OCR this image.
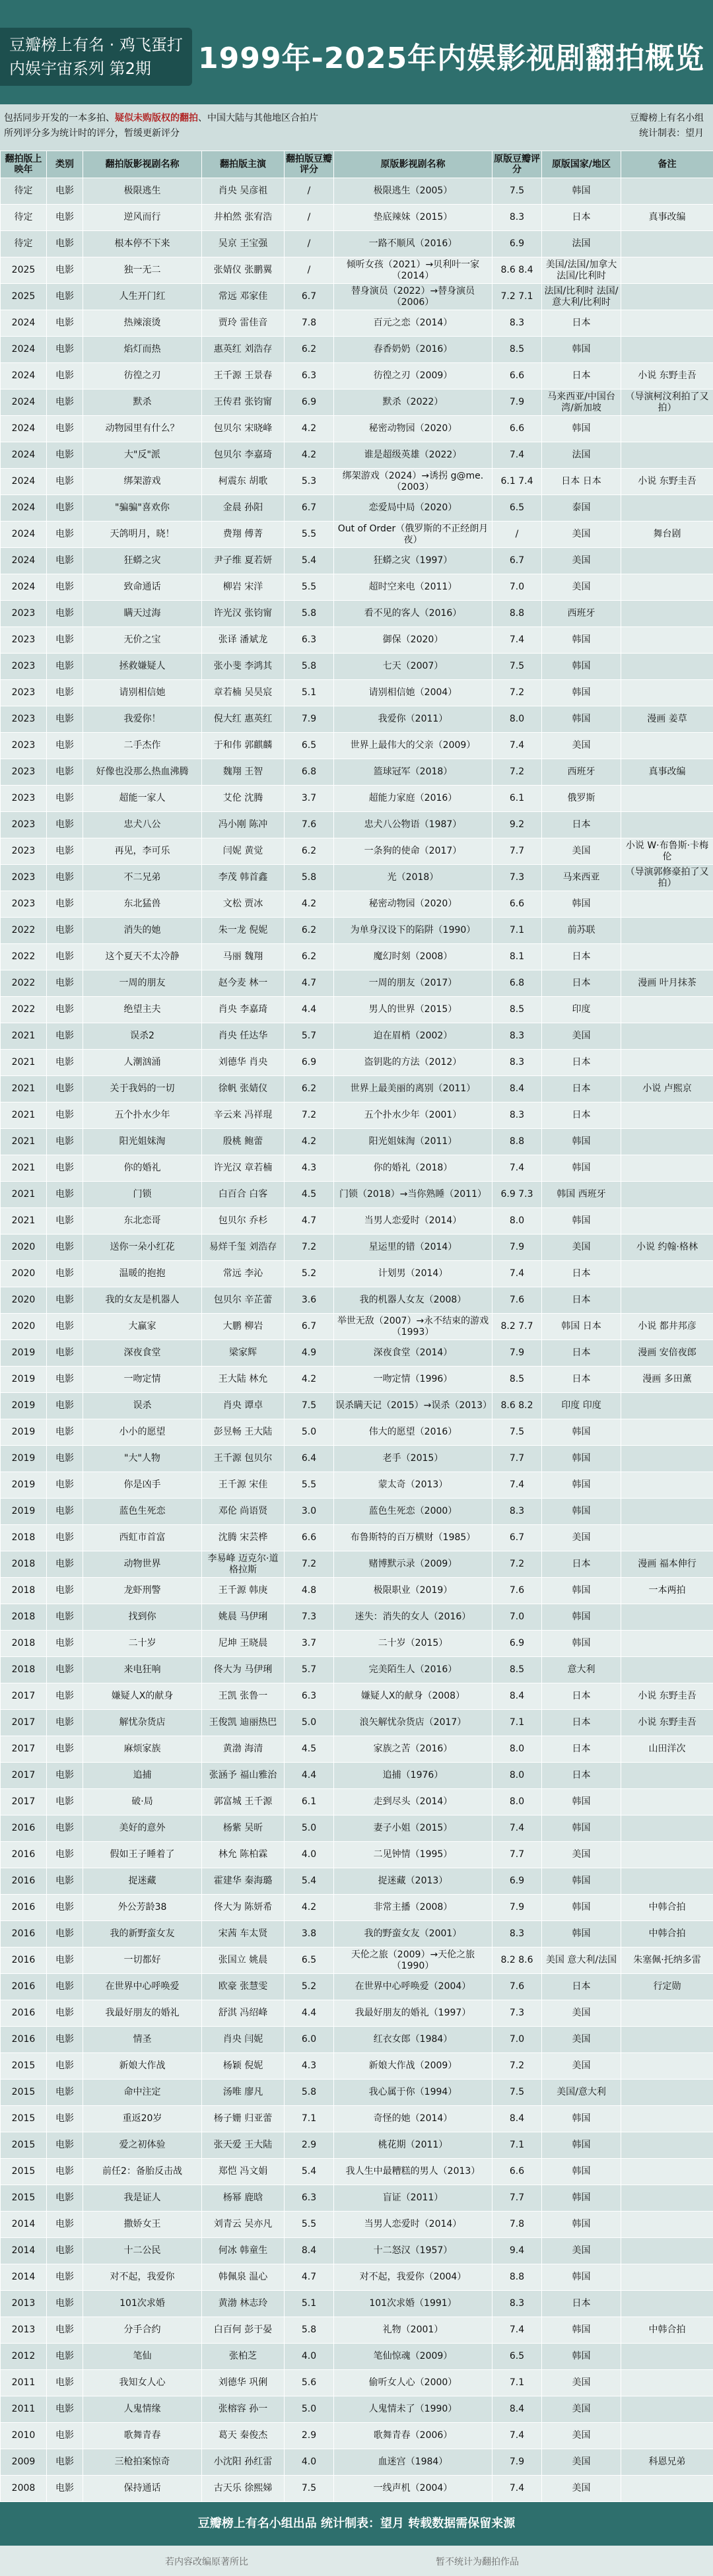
豆瓣榜上有名 · 鸡飞蛋打
内娱宇宙系列 第2期	1999年-2025年内娱影视剧翻拍概览
包括同步开发的一本多拍、疑似未购版权的翻拍、中国大陆与其他地区合拍片
所列评分多为统计时的评分，暂缓更新评分
豆瓣榜上有名小组
统计制表：望月
翻拍版上映年	类别	翻拍版影视剧名称	翻拍版主演	翻拍版豆瓣评分	原版影视剧名称	原版豆瓣评分	原版国家/地区	备注
待定	电影	极限逃生	肖央 吴彦祖	/	极限逃生（2005）	7.5	韩国	
待定	电影	逆风而行	井柏然 张宥浩	/	垫底辣妹（2015）	8.3	日本	真事改编
待定	电影	根本停不下来	吴京 王宝强	/	一路不顺风（2016）	6.9	法国	
2025	电影	独一无二	张婧仪 张鹏翼	/	倾听女孩（2021）→贝利叶一家（2014）	8.6 8.4	美国/法国/加拿大 法国/比利时	
2025	电影	人生开门红	常远 邓家佳	6.7	替身演员（2022）→替身演员（2006）	7.2 7.1	法国/比利时 法国/意大利/比利时	
2024	电影	热辣滚烫	贾玲 雷佳音	7.8	百元之恋（2014）	8.3	日本	
2024	电影	焰灯而热	惠英红 刘浩存	6.2	春香奶奶（2016）	8.5	韩国	
2024	电影	彷徨之刃	王千源 王景春	6.3	彷徨之刃（2009）	6.6	日本	小说 东野圭吾
2024	电影	默杀	王传君 张钧甯	6.9	默杀（2022）	7.9	马来西亚/中国台湾/新加坡	（导演柯汶利拍了又拍）
2024	电影	动物园里有什么？	包贝尔 宋晓峰	4.2	秘密动物园（2020）	6.6	韩国	
2024	电影	大"反"派	包贝尔 李嘉琦	4.2	谁是超级英雄（2022）	7.4	法国	
2024	电影	绑架游戏	柯震东 胡歌	5.3	绑架游戏（2024）→诱拐 g@me.（2003）	6.1 7.4	日本 日本	小说 东野圭吾
2024	电影	"骗骗"喜欢你	金晨 孙阳	6.7	恋爱局中局（2020）	6.5	泰国	
2024	电影	天鸽明月，晓！	费翔 傅菁	5.5	Out of Order（俄罗斯的不正经朗月夜）	/	美国	舞台剧
2024	电影	狂蟒之灾	尹子维 夏若妍	5.4	狂蟒之灾（1997）	6.7	美国	
2024	电影	致命通话	柳岩 宋洋	5.5	超时空来电（2011）	7.0	美国	
2023	电影	瞒天过海	许光汉 张钧甯	5.8	看不见的客人（2016）	8.8	西班牙	
2023	电影	无价之宝	张译 潘斌龙	6.3	御保（2020）	7.4	韩国	
2023	电影	拯救嫌疑人	张小斐 李鸿其	5.8	七天（2007）	7.5	韩国	
2023	电影	请别相信她	章若楠 吴昊宸	5.1	请别相信她（2004）	7.2	韩国	
2023	电影	我爱你！	倪大红 惠英红	7.9	我爱你（2011）	8.0	韩国	漫画 姜草
2023	电影	二手杰作	于和伟 郭麒麟	6.5	世界上最伟大的父亲（2009）	7.4	美国	
2023	电影	好像也没那么热血沸腾	魏翔 王智	6.8	篮球冠军（2018）	7.2	西班牙	真事改编
2023	电影	超能一家人	艾伦 沈腾	3.7	超能力家庭（2016）	6.1	俄罗斯	
2023	电影	忠犬八公	冯小刚 陈冲	7.6	忠犬八公物语（1987）	9.2	日本	
2023	电影	再见，李可乐	闫妮 黄觉	6.2	一条狗的使命（2017）	7.7	美国	小说 W·布鲁斯·卡梅伦
2023	电影	不二兄弟	李茂 韩首鑫	5.8	光（2018）	7.3	马来西亚	（导演郭修豪拍了又拍）
2023	电影	东北猛兽	文松 贾冰	4.2	秘密动物园（2020）	6.6	韩国	
2022	电影	消失的她	朱一龙 倪妮	6.2	为单身汉设下的陷阱（1990）	7.1	前苏联	
2022	电影	这个夏天不太冷静	马丽 魏翔	6.2	魔幻时刻（2008）	8.1	日本	
2022	电影	一周的朋友	赵今麦 林一	4.7	一周的朋友（2017）	6.8	日本	漫画 叶月抹茶
2022	电影	绝望主夫	肖央 李嘉琦	4.4	男人的世界（2015）	8.5	印度	
2021	电影	误杀2	肖央 任达华	5.7	迫在眉梢（2002）	8.3	美国	
2021	电影	人潮汹涌	刘德华 肖央	6.9	盗钥匙的方法（2012）	8.3	日本	
2021	电影	关于我妈的一切	徐帆 张婧仪	6.2	世界上最美丽的离别（2011）	8.4	日本	小说 卢熙京
2021	电影	五个扑水少年	辛云来 冯祥琨	7.2	五个扑水少年（2001）	8.3	日本	
2021	电影	阳光姐妹淘	殷桃 鲍蕾	4.2	阳光姐妹淘（2011）	8.8	韩国	
2021	电影	你的婚礼	许光汉 章若楠	4.3	你的婚礼（2018）	7.4	韩国	
2021	电影	门锁	白百合 白客	4.5	门锁（2018）→当你熟睡（2011）	6.9 7.3	韩国 西班牙	
2021	电影	东北恋哥	包贝尔 乔杉	4.7	当男人恋爱时（2014）	8.0	韩国	
2020	电影	送你一朵小红花	易烊千玺 刘浩存	7.2	星运里的错（2014）	7.9	美国	小说 约翰·格林
2020	电影	温暖的抱抱	常远 李沁	5.2	计划男（2014）	7.4	日本	
2020	电影	我的女友是机器人	包贝尔 辛芷蕾	3.6	我的机器人女友（2008）	7.6	日本	
2020	电影	大赢家	大鹏 柳岩	6.7	举世无敌（2007）→永不结束的游戏（1993）	8.2 7.7	韩国 日本	小说 都井邦彦
2019	电影	深夜食堂	梁家辉	4.9	深夜食堂（2014）	7.9	日本	漫画 安倍夜郎
2019	电影	一吻定情	王大陆 林允	4.2	一吻定情（1996）	8.5	日本	漫画 多田薰
2019	电影	误杀	肖央 谭卓	7.5	误杀瞒天记（2015）→误杀（2013）	8.6 8.2	印度 印度	
2019	电影	小小的愿望	彭昱畅 王大陆	5.0	伟大的愿望（2016）	7.5	韩国	
2019	电影	"大"人物	王千源 包贝尔	6.4	老手（2015）	7.7	韩国	
2019	电影	你是凶手	王千源 宋佳	5.5	蒙太奇（2013）	7.4	韩国	
2019	电影	蓝色生死恋	邓伦 尚语贤	3.0	蓝色生死恋（2000）	8.3	韩国	
2018	电影	西虹市首富	沈腾 宋芸桦	6.6	布鲁斯特的百万横财（1985）	6.7	美国	
2018	电影	动物世界	李易峰 迈克尔·道格拉斯	7.2	赌博默示录（2009）	7.2	日本	漫画 福本伸行
2018	电影	龙虾刑警	王千源 韩庚	4.8	极限职业（2019）	7.6	韩国	一本两拍
2018	电影	找到你	姚晨 马伊琍	7.3	迷失：消失的女人（2016）	7.0	韩国	
2018	电影	二十岁	尼坤 王晓晨	3.7	二十岁（2015）	6.9	韩国	
2018	电影	来电狂响	佟大为 马伊琍	5.7	完美陌生人（2016）	8.5	意大利	
2017	电影	嫌疑人X的献身	王凯 张鲁一	6.3	嫌疑人X的献身（2008）	8.4	日本	小说 东野圭吾
2017	电影	解忧杂货店	王俊凯 迪丽热巴	5.0	浪矢解忧杂货店（2017）	7.1	日本	小说 东野圭吾
2017	电影	麻烦家族	黄渤 海清	4.5	家族之苦（2016）	8.0	日本	山田洋次
2017	电影	追捕	张涵予 福山雅治	4.4	追捕（1976）	8.0	日本	
2017	电影	破·局	郭富城 王千源	6.1	走到尽头（2014）	8.0	韩国	
2016	电影	美好的意外	杨紫 吴昕	5.0	妻子小姐（2015）	7.4	韩国	
2016	电影	假如王子睡着了	林允 陈柏霖	4.0	二见钟情（1995）	7.7	美国	
2016	电影	捉迷藏	霍建华 秦海璐	5.4	捉迷藏（2013）	6.9	韩国	
2016	电影	外公芳龄38	佟大为 陈妍希	4.2	非常主播（2008）	7.9	韩国	中韩合拍
2016	电影	我的新野蛮女友	宋茜 车太贤	3.8	我的野蛮女友（2001）	8.3	韩国	中韩合拍
2016	电影	一切都好	张国立 姚晨	6.5	天伦之旅（2009）→天伦之旅（1990）	8.2 8.6	美国 意大利/法国	朱塞佩·托纳多雷
2016	电影	在世界中心呼唤爱	欧豪 张慧雯	5.2	在世界中心呼唤爱（2004）	7.6	日本	行定勋
2016	电影	我最好朋友的婚礼	舒淇 冯绍峰	4.4	我最好朋友的婚礼（1997）	7.3	美国	
2016	电影	情圣	肖央 闫妮	6.0	红衣女郎（1984）	7.0	美国	
2015	电影	新娘大作战	杨颖 倪妮	4.3	新娘大作战（2009）	7.2	美国	
2015	电影	命中注定	汤唯 廖凡	5.8	我心属于你（1994）	7.5	美国/意大利	
2015	电影	重返20岁	杨子姗 归亚蕾	7.1	奇怪的她（2014）	8.4	韩国	
2015	电影	爱之初体验	张天爱 王大陆	2.9	桃花期（2011）	7.1	韩国	
2015	电影	前任2：备胎反击战	郑恺 冯文娟	5.4	我人生中最糟糕的男人（2013）	6.6	韩国	
2015	电影	我是证人	杨幂 鹿晗	6.3	盲证（2011）	7.7	韩国	
2014	电影	撒娇女王	刘青云 吴亦凡	5.5	当男人恋爱时（2014）	7.8	韩国	
2014	电影	十二公民	何冰 韩童生	8.4	十二怒汉（1957）	9.4	美国	
2014	电影	对不起，我爱你	韩佩泉 温心	4.7	对不起，我爱你（2004）	8.8	韩国	
2013	电影	101次求婚	黄渤 林志玲	5.1	101次求婚（1991）	8.3	日本	
2013	电影	分手合约	白百何 彭于晏	5.8	礼物（2001）	7.4	韩国	中韩合拍
2012	电影	笔仙	张柏芝	4.0	笔仙惊魂（2009）	6.5	韩国	
2011	电影	我知女人心	刘德华 巩俐	5.6	偷听女人心（2000）	7.1	美国	
2011	电影	人鬼情缘	张榕容 孙一	5.0	人鬼情未了（1990）	8.4	美国	
2010	电影	歌舞青春	葛天 秦俊杰	2.9	歌舞青春（2006）	7.4	美国	
2009	电影	三枪拍案惊奇	小沈阳 孙红雷	4.0	血迷宫（1984）	7.9	美国	科恩兄弟
2008	电影	保持通话	古天乐 徐熙娣	7.5	一线声机（2004）	7.4	美国	
豆瓣榜上有名小组出品 统计制表：望月 转载数据需保留来源
若内容改编原著所比	暂不统计为翻拍作品
